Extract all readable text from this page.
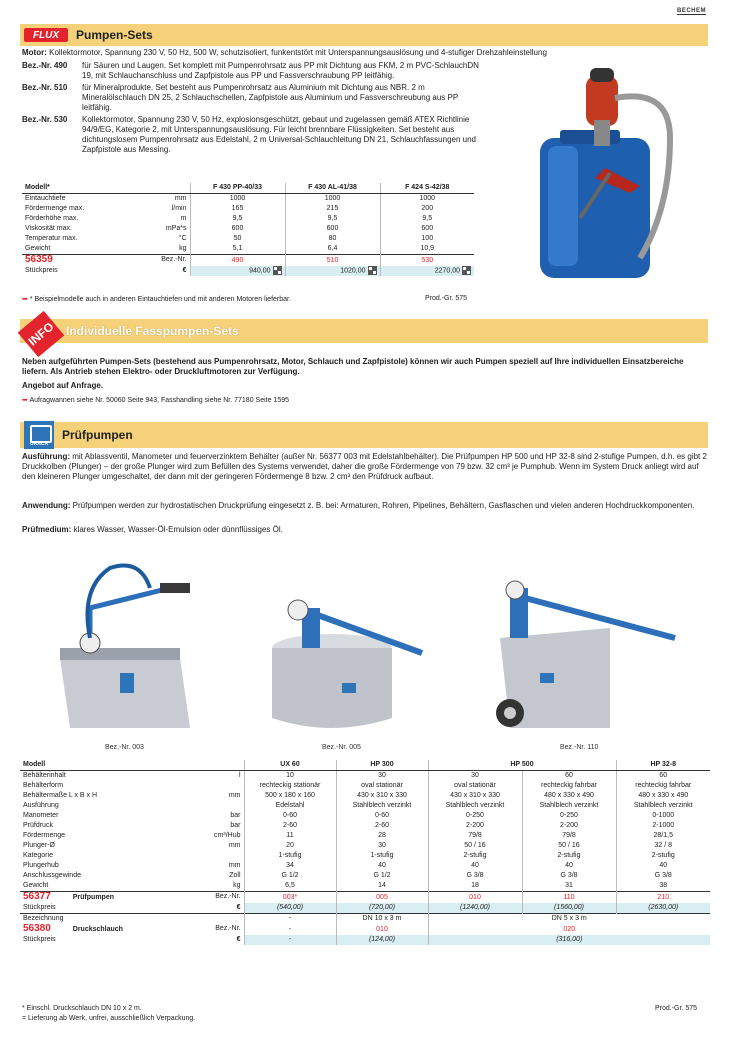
BECHEM
FLUX	Pumpen-Sets
Motor: Kollektormotor, Spannung 230 V, 50 Hz, 500 W, schutzisoliert, funkentstört mit Unterspannungsauslösung und 4-stufiger Drehzahleinstellung
Bez.-Nr. 490	für Säuren und Laugen. Set komplett mit Pumpenrohrsatz aus PP mit Dichtung aus FKM, 2 m PVC-SchlauchDN 19, mit Schlauchanschluss und Zapfpistole aus PP und Fassverschraubung PP leitfähig.
Bez.-Nr. 510	für Mineralprodukte. Set besteht aus Pumpenrohrsatz aus Aluminium mit Dichtung aus NBR. 2 m Mineralölschlauch DN 25, 2 Schlauchschellen, Zapfpistole aus Aluminium und Fassverschreubung aus PP leitfähig.
Bez.-Nr. 530	Kollektormotor, Spannung 230 V, 50 Hz, explosionsgeschützt, gebaut und zugelassen gemäß ATEX Richtlinie 94/9/EG, Kategorie 2, mit Unterspannungsauslösung. Für leicht brennbare Flüssigkeiten. Set besteht aus dichtungslosem Pumpenrohrsatz aus Edelstahl, 2 m Universal-Schlauchleitung DN 21, Schlauchfassungen und Zapfpistole aus Messing.
Modell*	F 430 PP-40/33	F 430 AL-41/38	F 424 S-42/38
Eintauchtiefe mm	1000	1000	1000
Fördermenge max. l/min	165	215	200
Förderhöhe max. m	9,5	9,5	9,5
Viskosität max. mPa*s	600	600	600
Temperatur max. °C	50	80	100
Gewicht kg	5,1	6,4	10,9
56359 Bez.-Nr.	490	510	530
Stückpreis €	940,00	1020,00	2270,00
➥ * Beispielmodelle auch in anderen Eintauchtiefen und mit anderen Motoren lieferbar.	Prod.-Gr. 575
INFO Individuelle Fasspumpen-Sets
Neben aufgeführten Pumpen-Sets (bestehend aus Pumpenrohrsatz, Motor, Schlauch und Zapfpistole) können wir auch Pumpen speziell auf Ihre individuellen Einsatzbereiche liefern. Als Antrieb stehen Elektro- oder Druckluftmotoren zur Verfügung.
Angebot auf Anfrage.
➥ Aufragwannen siehe Nr. 50060 Seite 943, Fasshandling siehe Nr. 77180 Seite 1595
URACA
Prüfpumpen
Ausführung: mit Ablassventil, Manometer und feuerverzinktem Behälter (außer Nr. 56377 003 mit Edelstahlbehälter). Die Prüfpumpen HP 500 und HP 32-8 sind 2-stufige Pumpen, d.h. es gibt 2 Druckkolben (Plunger) – der große Plunger wird zum Befüllen des Systems verwendet, daher die große Fördermenge von 79 bzw. 32 cm³ je Pumphub. Wenn im System Druck anliegt wird auf den kleineren Plunger umgeschaltet, der dann mit der geringeren Fördermenge 8 bzw. 2 cm³ den Prüfdruck aufbaut.
Anwendung: Prüfpumpen werden zur hydrostatischen Druckprüfung eingesetzt z. B. bei: Armaturen, Rohren, Pipelines, Behältern, Gasflaschen und vielen anderen Hochdruckkomponenten.
Prüfmedium: klares Wasser, Wasser-Öl-Emulsion oder dünnflüssiges Öl.
Bez.-Nr. 003	Bez.-Nr. 005	Bez.-Nr. 110
Modell	UX 60	HP 300	HP 500		HP 32-8
Behälterinhalt l	10	30	30	60	60
Behälterform	rechteckig stationär	oval stationär	oval stationär	rechteckig fahrbar	rechteckig fahrbar
Behältermaße L x B x H mm	500 x 180 x 160	430 x 310 x 330	430 x 310 x 330	480 x 330 x 490	480 x 330 x 490
Ausführung	Edelstahl	Stahlblech verzinkt	Stahlblech verzinkt	Stahlblech verzinkt	Stahlblech verzinkt
Manometer bar	0-60	0-60	0-250	0-250	0-1000
Prüfdruck bar	2-60	2-60	2-200	2-200	2-1000
Fördermenge cm³/Hub	11	28	79/8	79/8	28/1,5
Plunger-Ø mm	20	30	50 / 16	50 / 16	32 / 8
Kategorie	1-stufig	1-stufig	2-stufig	2-stufig	2-stufig
Plungerhub mm	34	40	40	40	40
Anschlussgewinde Zoll	G 1/2	G 1/2	G 3/8	G 3/8	G 3/8
Gewicht kg	6,5	14	18	31	38
56377 Prüfpumpen Bez.-Nr.	003*	005	010	110	210
Stückpreis €	(540,00)	(720,00)	(1240,00)	(1560,00)	(2630,00)
Bezeichnung	-	DN 10 x 3 m	DN 5 x 3 m		
56380 Druckschlauch Bez.-Nr.	-	010	020		
Stückpreis €	-	(124,00)	(316,00)		
* Einschl. Druckschlauch DN 10 x 2 m.
= Lieferung ab Werk, unfrei, ausschließlich Verpackung.
Prod.-Gr. 575
